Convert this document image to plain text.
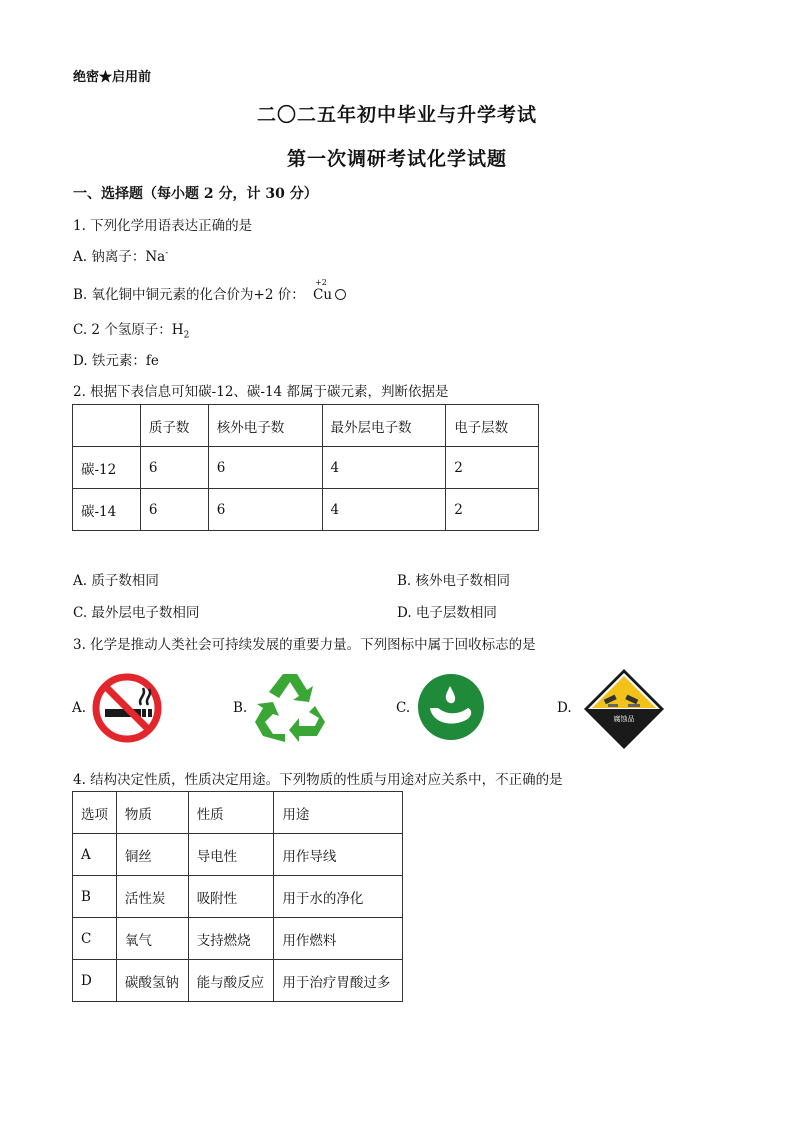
绝密★启用前
二〇二五年初中毕业与升学考试
第一次调研考试化学试题
一、选择题（每小题 2 分，计 30 分）
1. 下列化学用语表达正确的是
A. 钠离子：Na-
B. 氧化铜中铜元素的化合价为+2 价：
+2
Cu
C. 2 个氢原子：$H_2$
D. 铁元素：fe
2. 根据下表信息可知碳-12、碳-14 都属于碳元素，判断依据是
	质子数	核外电子数	最外层电子数	电子层数
碳-12	6	6	4	2
碳-14	6	6	4	2
A. 质子数相同	B. 核外电子数相同
C. 最外层电子数相同	D. 电子层数相同
3. 化学是推动人类社会可持续发展的重要力量。下列图标中属于回收标志的是
A.	B.	C.	D.
腐蚀品
4. 结构决定性质，性质决定用途。下列物质的性质与用途对应关系中，不正确的是
选项	物质	性质	用途
A	铜丝	导电性	用作导线
B	活性炭	吸附性	用于水的净化
C	氧气	支持燃烧	用作燃料
D	碳酸氢钠	能与酸反应	用于治疗胃酸过多
